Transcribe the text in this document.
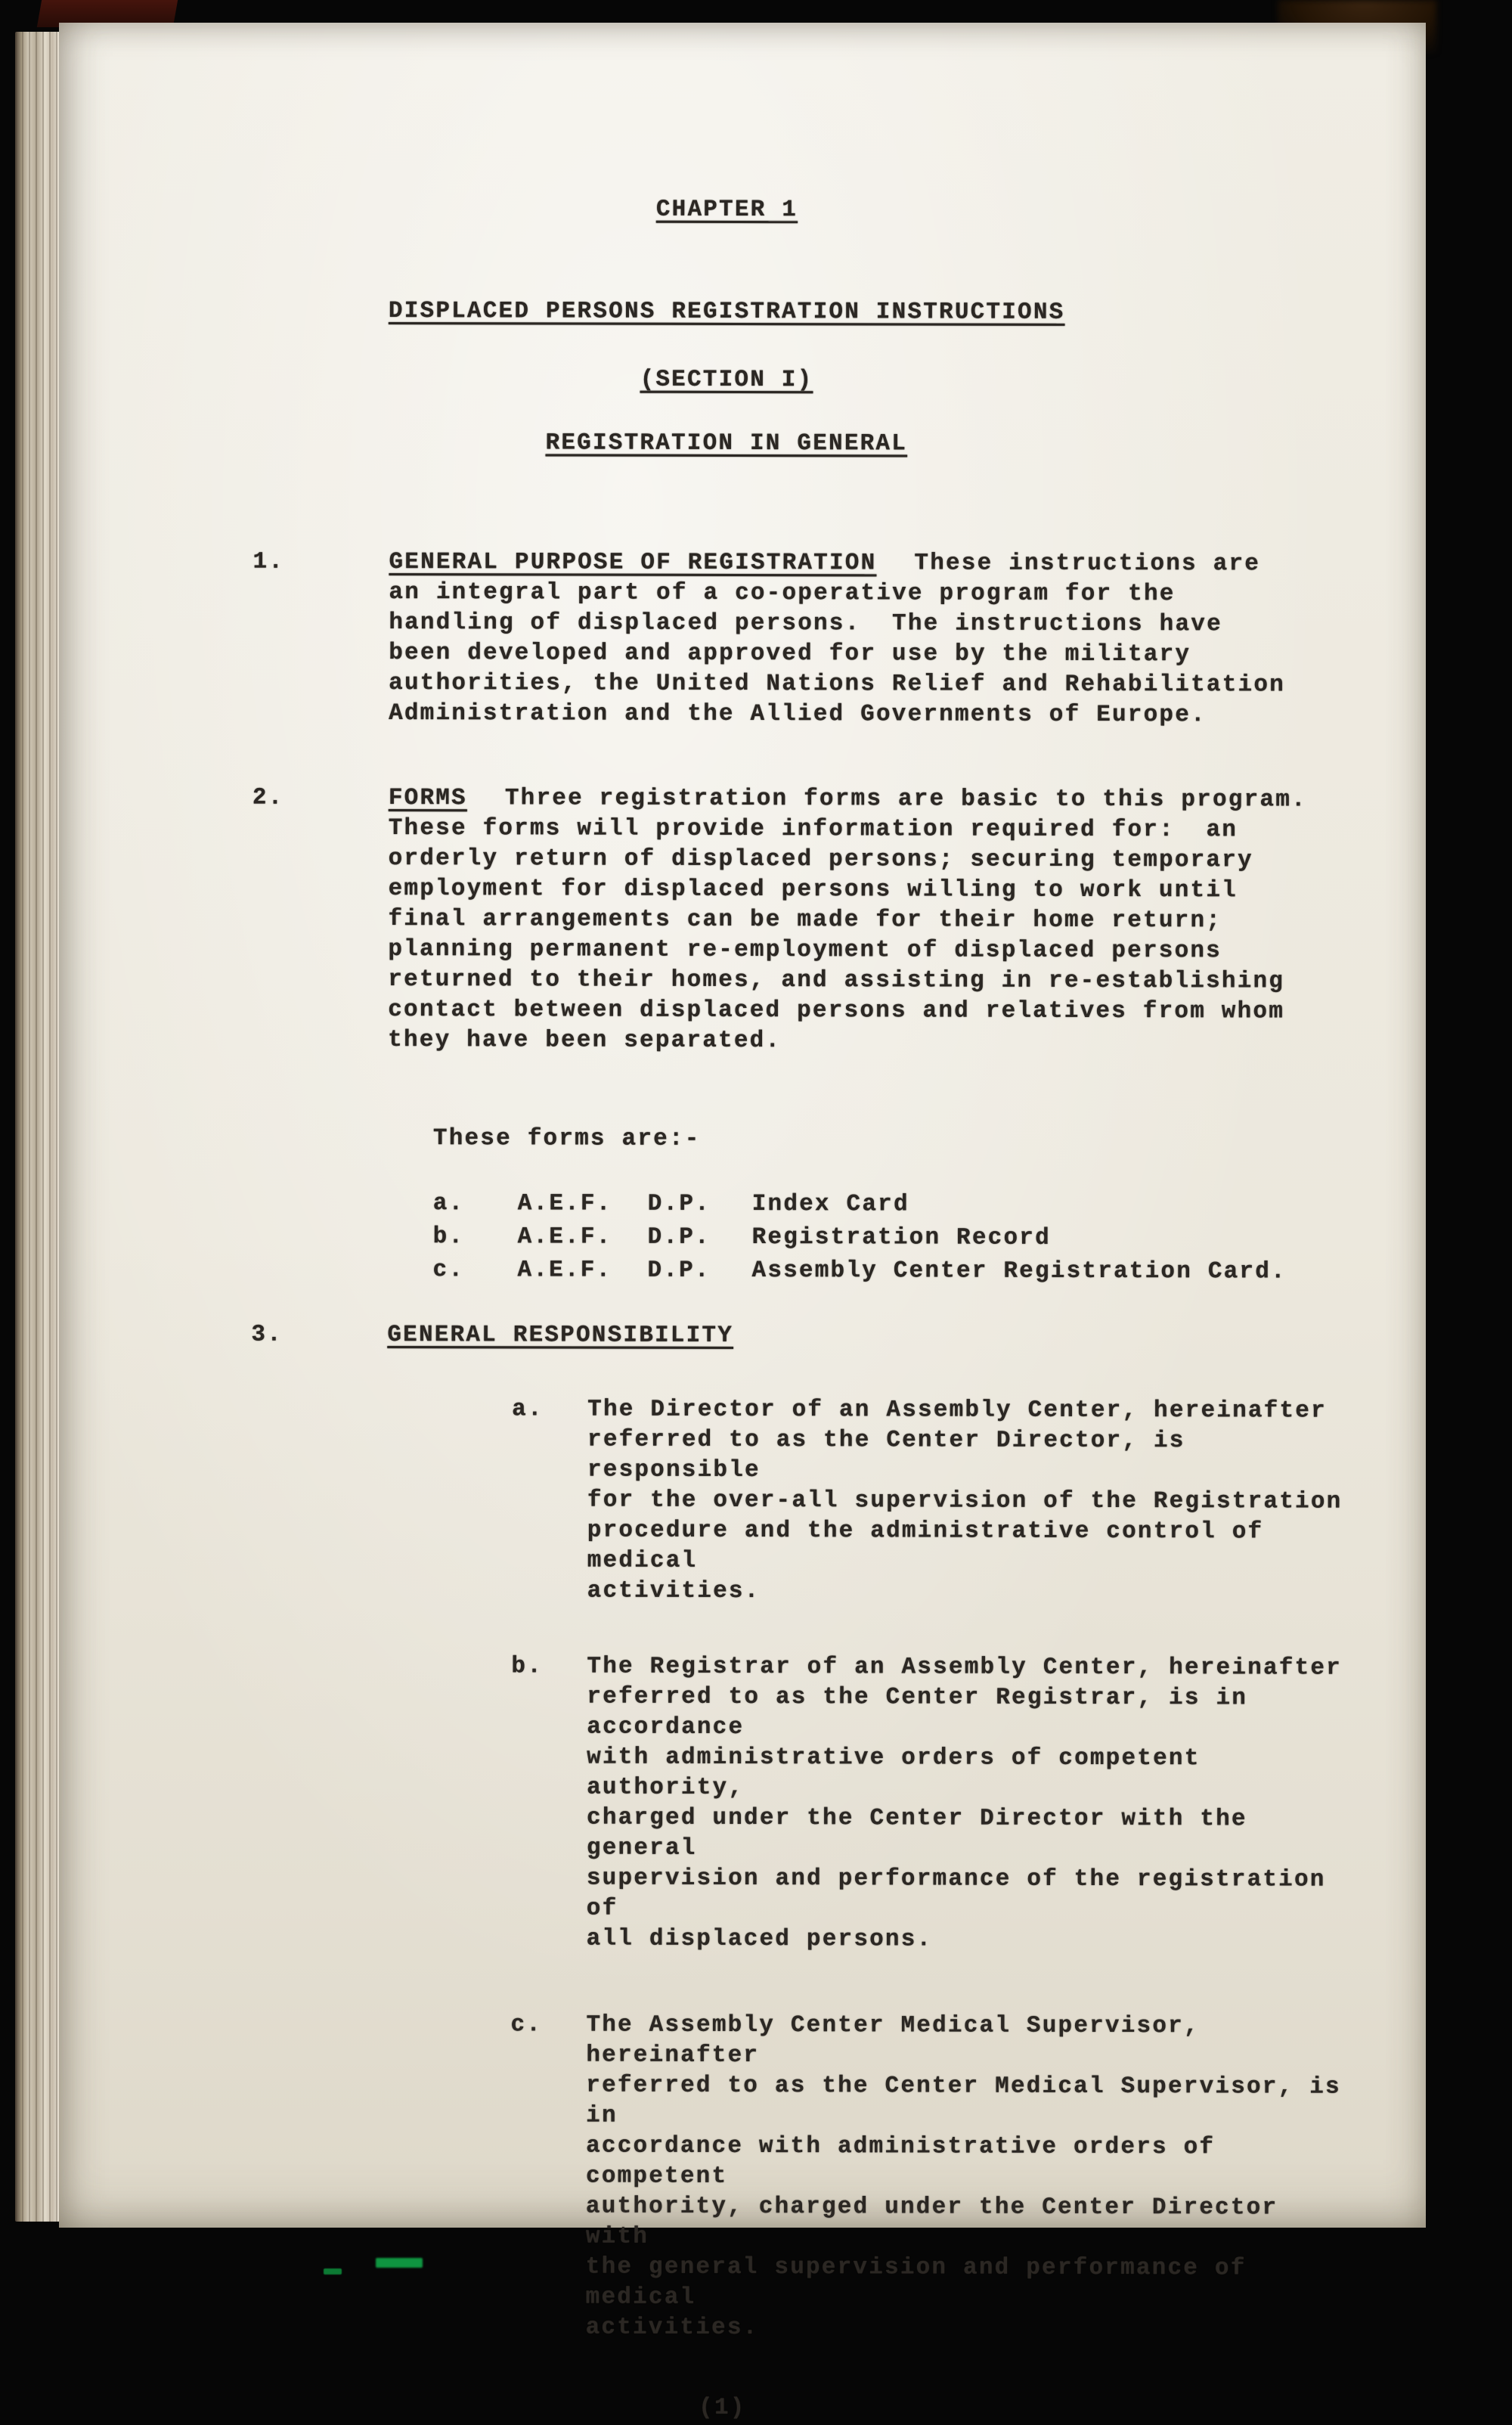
CHAPTER 1
DISPLACED PERSONS REGISTRATION INSTRUCTIONS
(SECTION I)
REGISTRATION IN GENERAL
1.	GENERAL PURPOSE OF REGISTRATION These instructions are
an integral part of a co-operative program for the
handling of displaced persons.  The instructions have
been developed and approved for use by the military
authorities, the United Nations Relief and Rehabilitation
Administration and the Allied Governments of Europe.
2.	FORMS Three registration forms are basic to this program.
These forms will provide information required for:  an
orderly return of displaced persons; securing temporary
employment for displaced persons willing to work until
final arrangements can be made for their home return;
planning permanent re-employment of displaced persons
returned to their homes, and assisting in re-establishing
contact between displaced persons and relatives from whom
they have been separated.
These forms are:-
a.	A.E.F.	D.P.	Index Card
b.	A.E.F.	D.P.	Registration Record
c.	A.E.F.	D.P.	Assembly Center Registration Card.
3.	GENERAL RESPONSIBILITY
a.	The Director of an Assembly Center, hereinafter
referred to as the Center Director, is responsible
for the over-all supervision of the Registration
procedure and the administrative control of medical
activities.
b.	The Registrar of an Assembly Center, hereinafter
referred to as the Center Registrar, is in accordance
with administrative orders of competent authority,
charged under the Center Director with the general
supervision and performance of the registration of
all displaced persons.
c.	The Assembly Center Medical Supervisor, hereinafter
referred to as the Center Medical Supervisor, is in
accordance with administrative orders of competent
authority, charged under the Center Director with
the general supervision and performance of medical
activities.
(1)
